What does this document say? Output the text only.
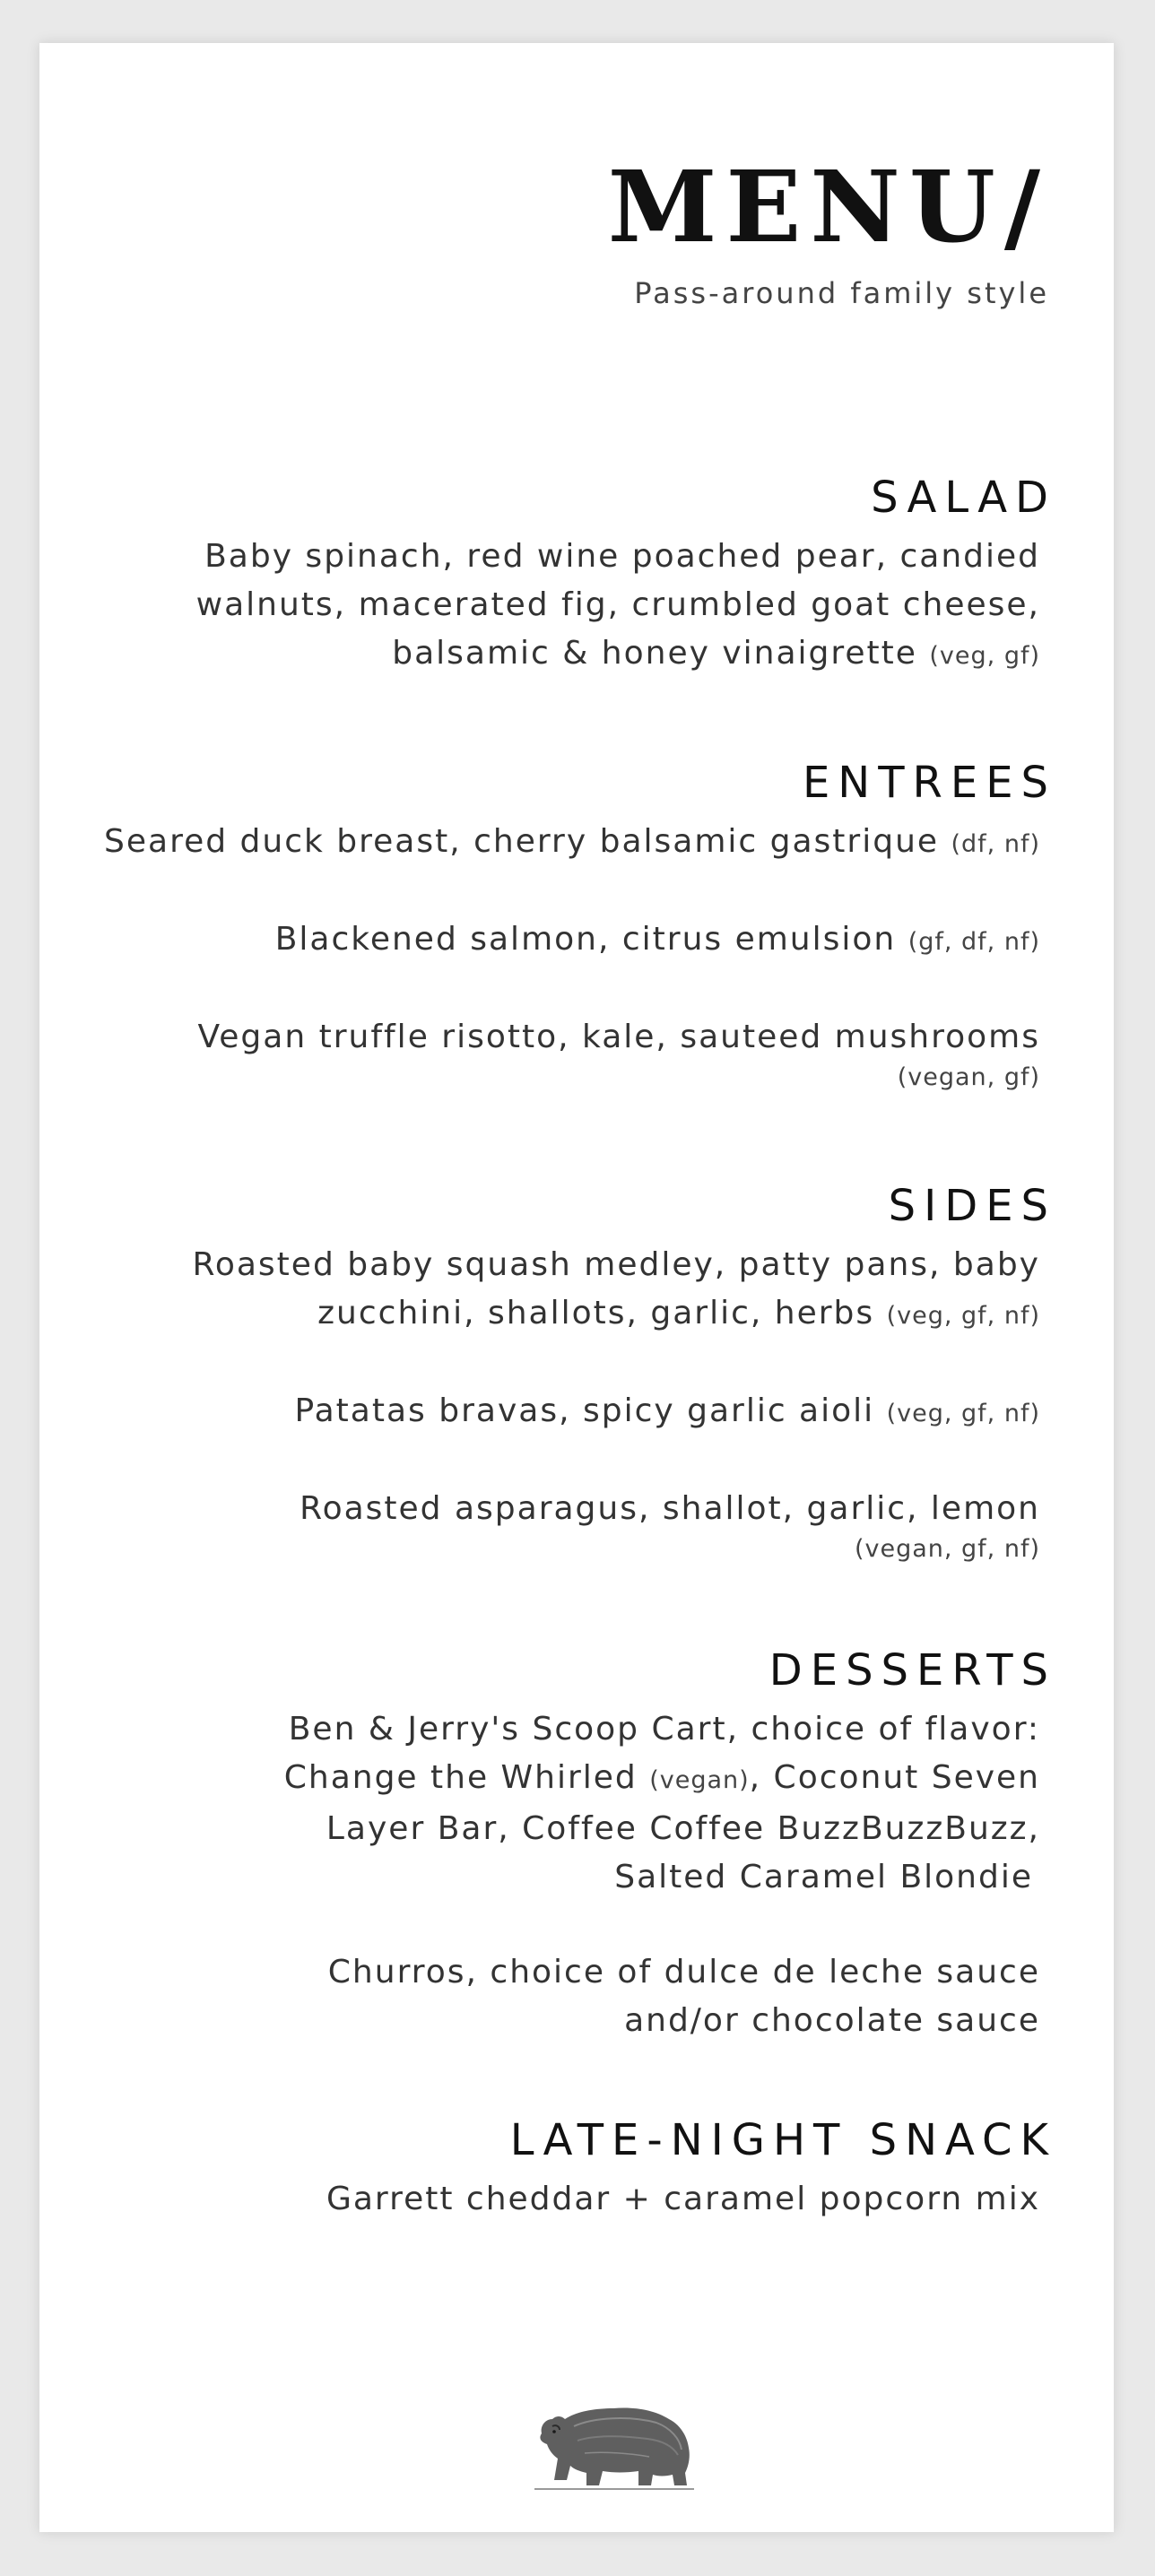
MENU/
Pass-around family style
SALAD
Baby spinach, red wine poached pear, candied
walnuts, macerated fig, crumbled goat cheese,
balsamic & honey vinaigrette (veg, gf)
ENTREES
Seared duck breast, cherry balsamic gastrique (df, nf)
Blackened salmon, citrus emulsion (gf, df, nf)
Vegan truffle risotto, kale, sauteed mushrooms
(vegan, gf)
SIDES
Roasted baby squash medley, patty pans, baby
zucchini, shallots, garlic, herbs (veg, gf, nf)
Patatas bravas, spicy garlic aioli (veg, gf, nf)
Roasted asparagus, shallot, garlic, lemon
(vegan, gf, nf)
DESSERTS
Ben & Jerry's Scoop Cart, choice of flavor:
Change the Whirled (vegan), Coconut Seven
Layer Bar, Coffee Coffee BuzzBuzzBuzz,
Salted Caramel Blondie
Churros, choice of dulce de leche sauce
and/or chocolate sauce
LATE-NIGHT SNACK
Garrett cheddar + caramel popcorn mix
